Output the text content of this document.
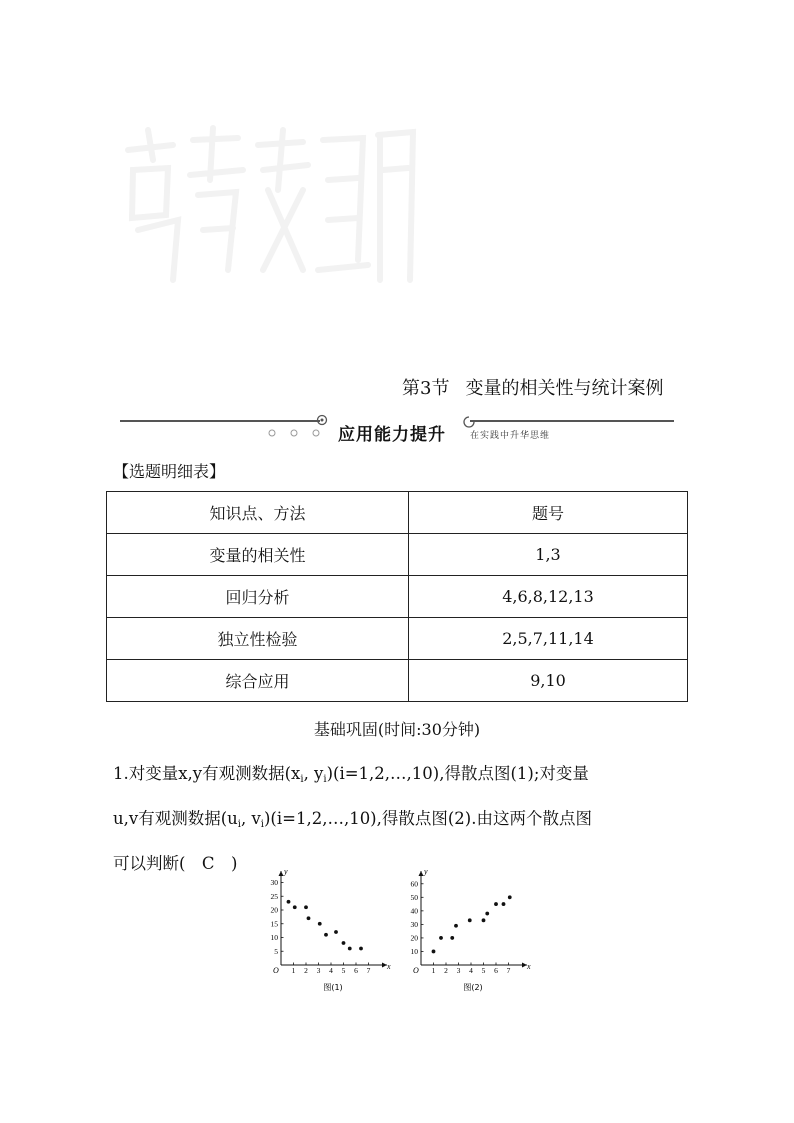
第3节 变量的相关性与统计案例
应用能力提升	在实践中升华思维
【选题明细表】
知识点、方法	题号
变量的相关性	1,3
回归分析	4,6,8,12,13
独立性检验	2,5,7,11,14
综合应用	9,10
基础巩固(时间:30分钟)
1.对变量x,y有观测数据($x_i$, $y_i)(i=1,2,\dots,10)$,得散点图(1);对变量
u,v有观测数据($u_i$, $v_i)(i=1,2,\dots,10)$,得散点图(2).由这两个散点图
可以判断(　C　)
x
y
O 1 2 3 4 5 6 7
5
10
15
20
25
30
图(1)
x
y
O 1 2 3 4 5 6 7
10
20
30
40
50
60
图(2)
